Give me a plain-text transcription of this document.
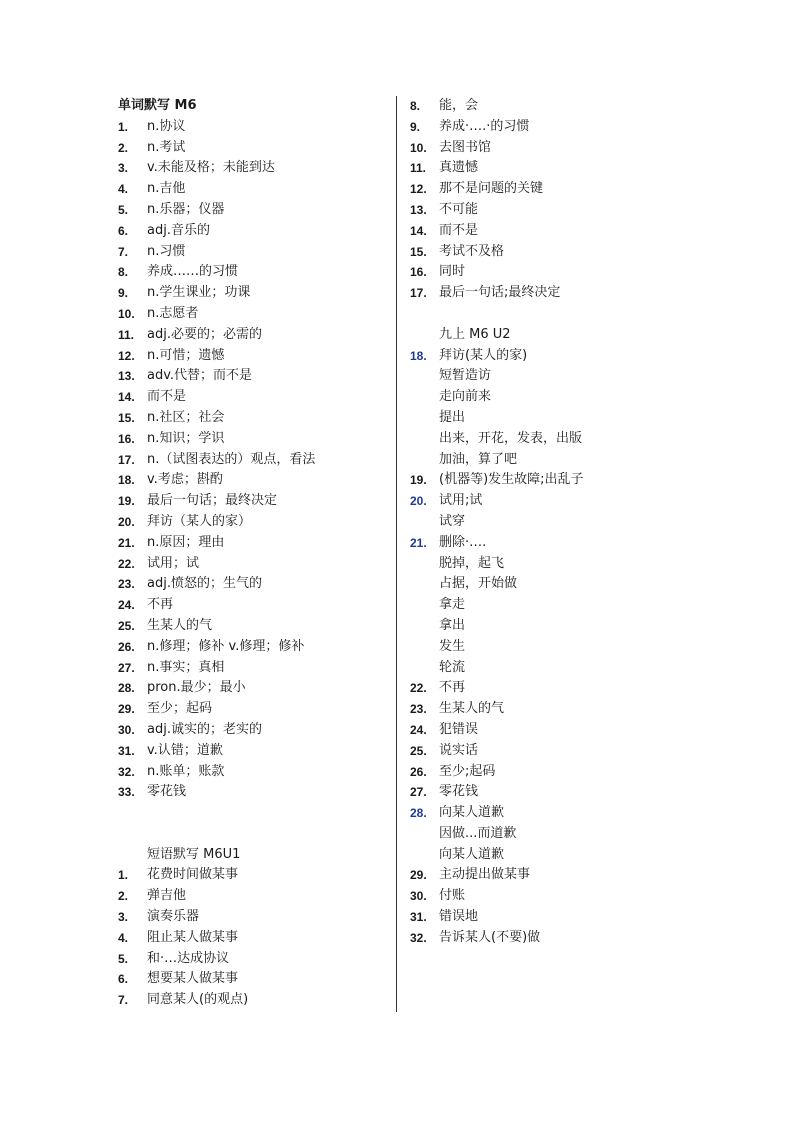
单词默写 M6
1.	n.协议
2.	n.考试
3.	v.未能及格；未能到达
4.	n.吉他
5.	n.乐器；仪器
6.	adj.音乐的
7.	n.习惯
8.	养成……的习惯
9.	n.学生课业；功课
10. n.志愿者
11. adj.必要的；必需的
12. n.可惜；遗憾
13. adv.代替；而不是
14. 而不是
15. n.社区；社会
16. n.知识；学识
17. n.（试图表达的）观点，看法
18. v.考虑；斟酌
19. 最后一句话；最终决定
20. 拜访（某人的家）
21. n.原因；理由
22. 试用；试
23. adj.愤怒的；生气的
24. 不再
25. 生某人的气
26. n.修理；修补 v.修理；修补
27. n.事实；真相
28. pron.最少；最小
29. 至少；起码
30. adj.诚实的；老实的
31. v.认错；道歉
32. n.账单；账款
33. 零花钱
短语默写 M6U1
1.	花费时间做某事
2.	弹吉他
3.	演奏乐器
4.	阻止某人做某事
5.	和·…达成协议
6.	想要某人做某事
7.	同意某人(的观点)
8.	能，会
9.	养成·….·的习惯
10. 去图书馆
11. 真遗憾
12. 那不是问题的关键
13. 不可能
14. 而不是
15. 考试不及格
16. 同时
17. 最后一句话;最终决定
九上 M6 U2
18. 拜访(某人的家)
短暂造访
走向前来
提出
出来，开花，发表，出版
加油，算了吧
19. (机器等)发生故障;出乱子
20. 试用;试
试穿
21. 删除·….
脱掉，起飞
占据，开始做
拿走
拿出
发生
轮流
22. 不再
23. 生某人的气
24. 犯错误
25. 说实话
26. 至少;起码
27. 零花钱
28. 向某人道歉
因做...而道歉
向某人道歉
29. 主动提出做某事
30. 付账
31. 错误地
32. 告诉某人(不要)做
